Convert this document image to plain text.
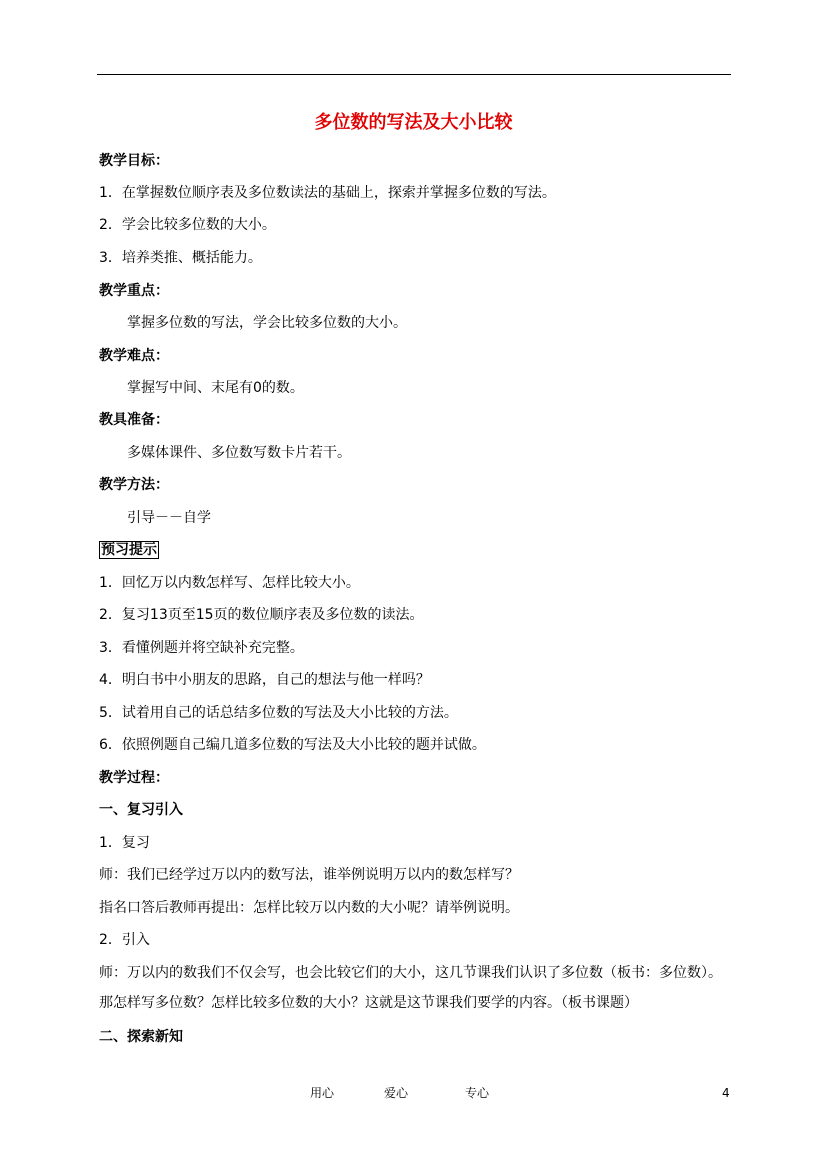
多位数的写法及大小比较
教学目标：
1．在掌握数位顺序表及多位数读法的基础上，探索并掌握多位数的写法。
2．学会比较多位数的大小。
3．培养类推、概括能力。
教学重点：
掌握多位数的写法，学会比较多位数的大小。
教学难点：
掌握写中间、末尾有0的数。
教具准备：
多媒体课件、多位数写数卡片若干。
教学方法：
引导－－自学
预习提示
1．回忆万以内数怎样写、怎样比较大小。
2．复习13页至15页的数位顺序表及多位数的读法。
3．看懂例题并将空缺补充完整。
4．明白书中小朋友的思路，自己的想法与他一样吗？
5．试着用自己的话总结多位数的写法及大小比较的方法。
6．依照例题自己编几道多位数的写法及大小比较的题并试做。
教学过程：
一、复习引入
1．复习
师：我们已经学过万以内的数写法，谁举例说明万以内的数怎样写？
指名口答后教师再提出：怎样比较万以内数的大小呢？请举例说明。
2．引入
师：万以内的数我们不仅会写，也会比较它们的大小，这几节课我们认识了多位数（板书：多位数）。那怎样写多位数？怎样比较多位数的大小？这就是这节课我们要学的内容。（板书课题）
二、探索新知
用心	爱心	专心	4
